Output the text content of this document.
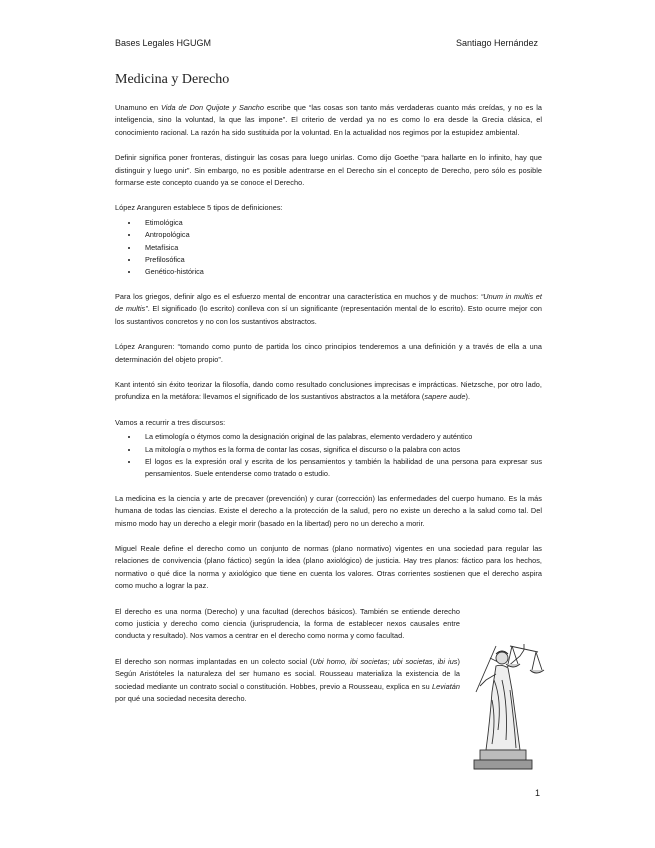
Bases Legales HGUGM	Santiago Hernández
Medicina y Derecho

Unamuno en Vida de Don Quijote y Sancho escribe que “las cosas son tanto más verdaderas cuanto más creídas, y no es la inteligencia, sino la voluntad, la que las impone”. El criterio de verdad ya no es como lo era desde la Grecia clásica, el conocimiento racional. La razón ha sido sustituida por la voluntad. En la actualidad nos regimos por la estupidez ambiental.

Definir significa poner fronteras, distinguir las cosas para luego unirlas. Como dijo Goethe “para hallarte en lo infinito, hay que distinguir y luego unir”. Sin embargo, no es posible adentrarse en el Derecho sin el concepto de Derecho, pero sólo es posible formarse este concepto cuando ya se conoce el Derecho.

López Aranguren establece 5 tipos de definiciones:

• Etimológica
• Antropológica
• Metafísica
• Prefilosófica
• Genético-histórica

Para los griegos, definir algo es el esfuerzo mental de encontrar una característica en muchos y de muchos: “Unum in multis et de multis”. El significado (lo escrito) conlleva con sí un significante (representación mental de lo escrito). Esto ocurre mejor con los sustantivos concretos y no con los sustantivos abstractos.

López Aranguren: “tomando como punto de partida los cinco principios tenderemos a una definición y a través de ella a una determinación del objeto propio”.

Kant intentó sin éxito teorizar la filosofía, dando como resultado conclusiones imprecisas e imprácticas. Nietzsche, por otro lado, profundiza en la metáfora: llevamos el significado de los sustantivos abstractos a la metáfora (sapere aude).

Vamos a recurrir a tres discursos:

• La etimología o étymos como la designación original de las palabras, elemento verdadero y auténtico
• La mitología o mythos es la forma de contar las cosas, significa el discurso o la palabra con actos
• El logos es la expresión oral y escrita de los pensamientos y también la habilidad de una persona para expresar sus pensamientos. Suele entenderse como tratado o estudio.

La medicina es la ciencia y arte de precaver (prevención) y curar (corrección) las enfermedades del cuerpo humano. Es la más humana de todas las ciencias. Existe el derecho a la protección de la salud, pero no existe un derecho a la salud como tal. Del mismo modo hay un derecho a elegir morir (basado en la libertad) pero no un derecho a morir.

Miguel Reale define el derecho como un conjunto de normas (plano normativo) vigentes en una sociedad para regular las relaciones de convivencia (plano fáctico) según la idea (plano axiológico) de justicia. Hay tres planos: fáctico para los hechos, normativo o qué dice la norma y axiológico que tiene en cuenta los valores. Otras corrientes sostienen que el derecho aspira como mucho a lograr la paz.

El derecho es una norma (Derecho) y una facultad (derechos básicos). También se entiende derecho como justicia y derecho como ciencia (jurisprudencia, la forma de establecer nexos causales entre conducta y resultado). Nos vamos a centrar en el derecho como norma y como facultad.

El derecho son normas implantadas en un colecto social (Ubi homo, ibi societas; ubi societas, ibi ius) Según Aristóteles la naturaleza del ser humano es social. Rousseau materializa la existencia de la sociedad mediante un contrato social o constitución. Hobbes, previo a Rousseau, explica en su Leviatán por qué una sociedad necesita derecho.

1
